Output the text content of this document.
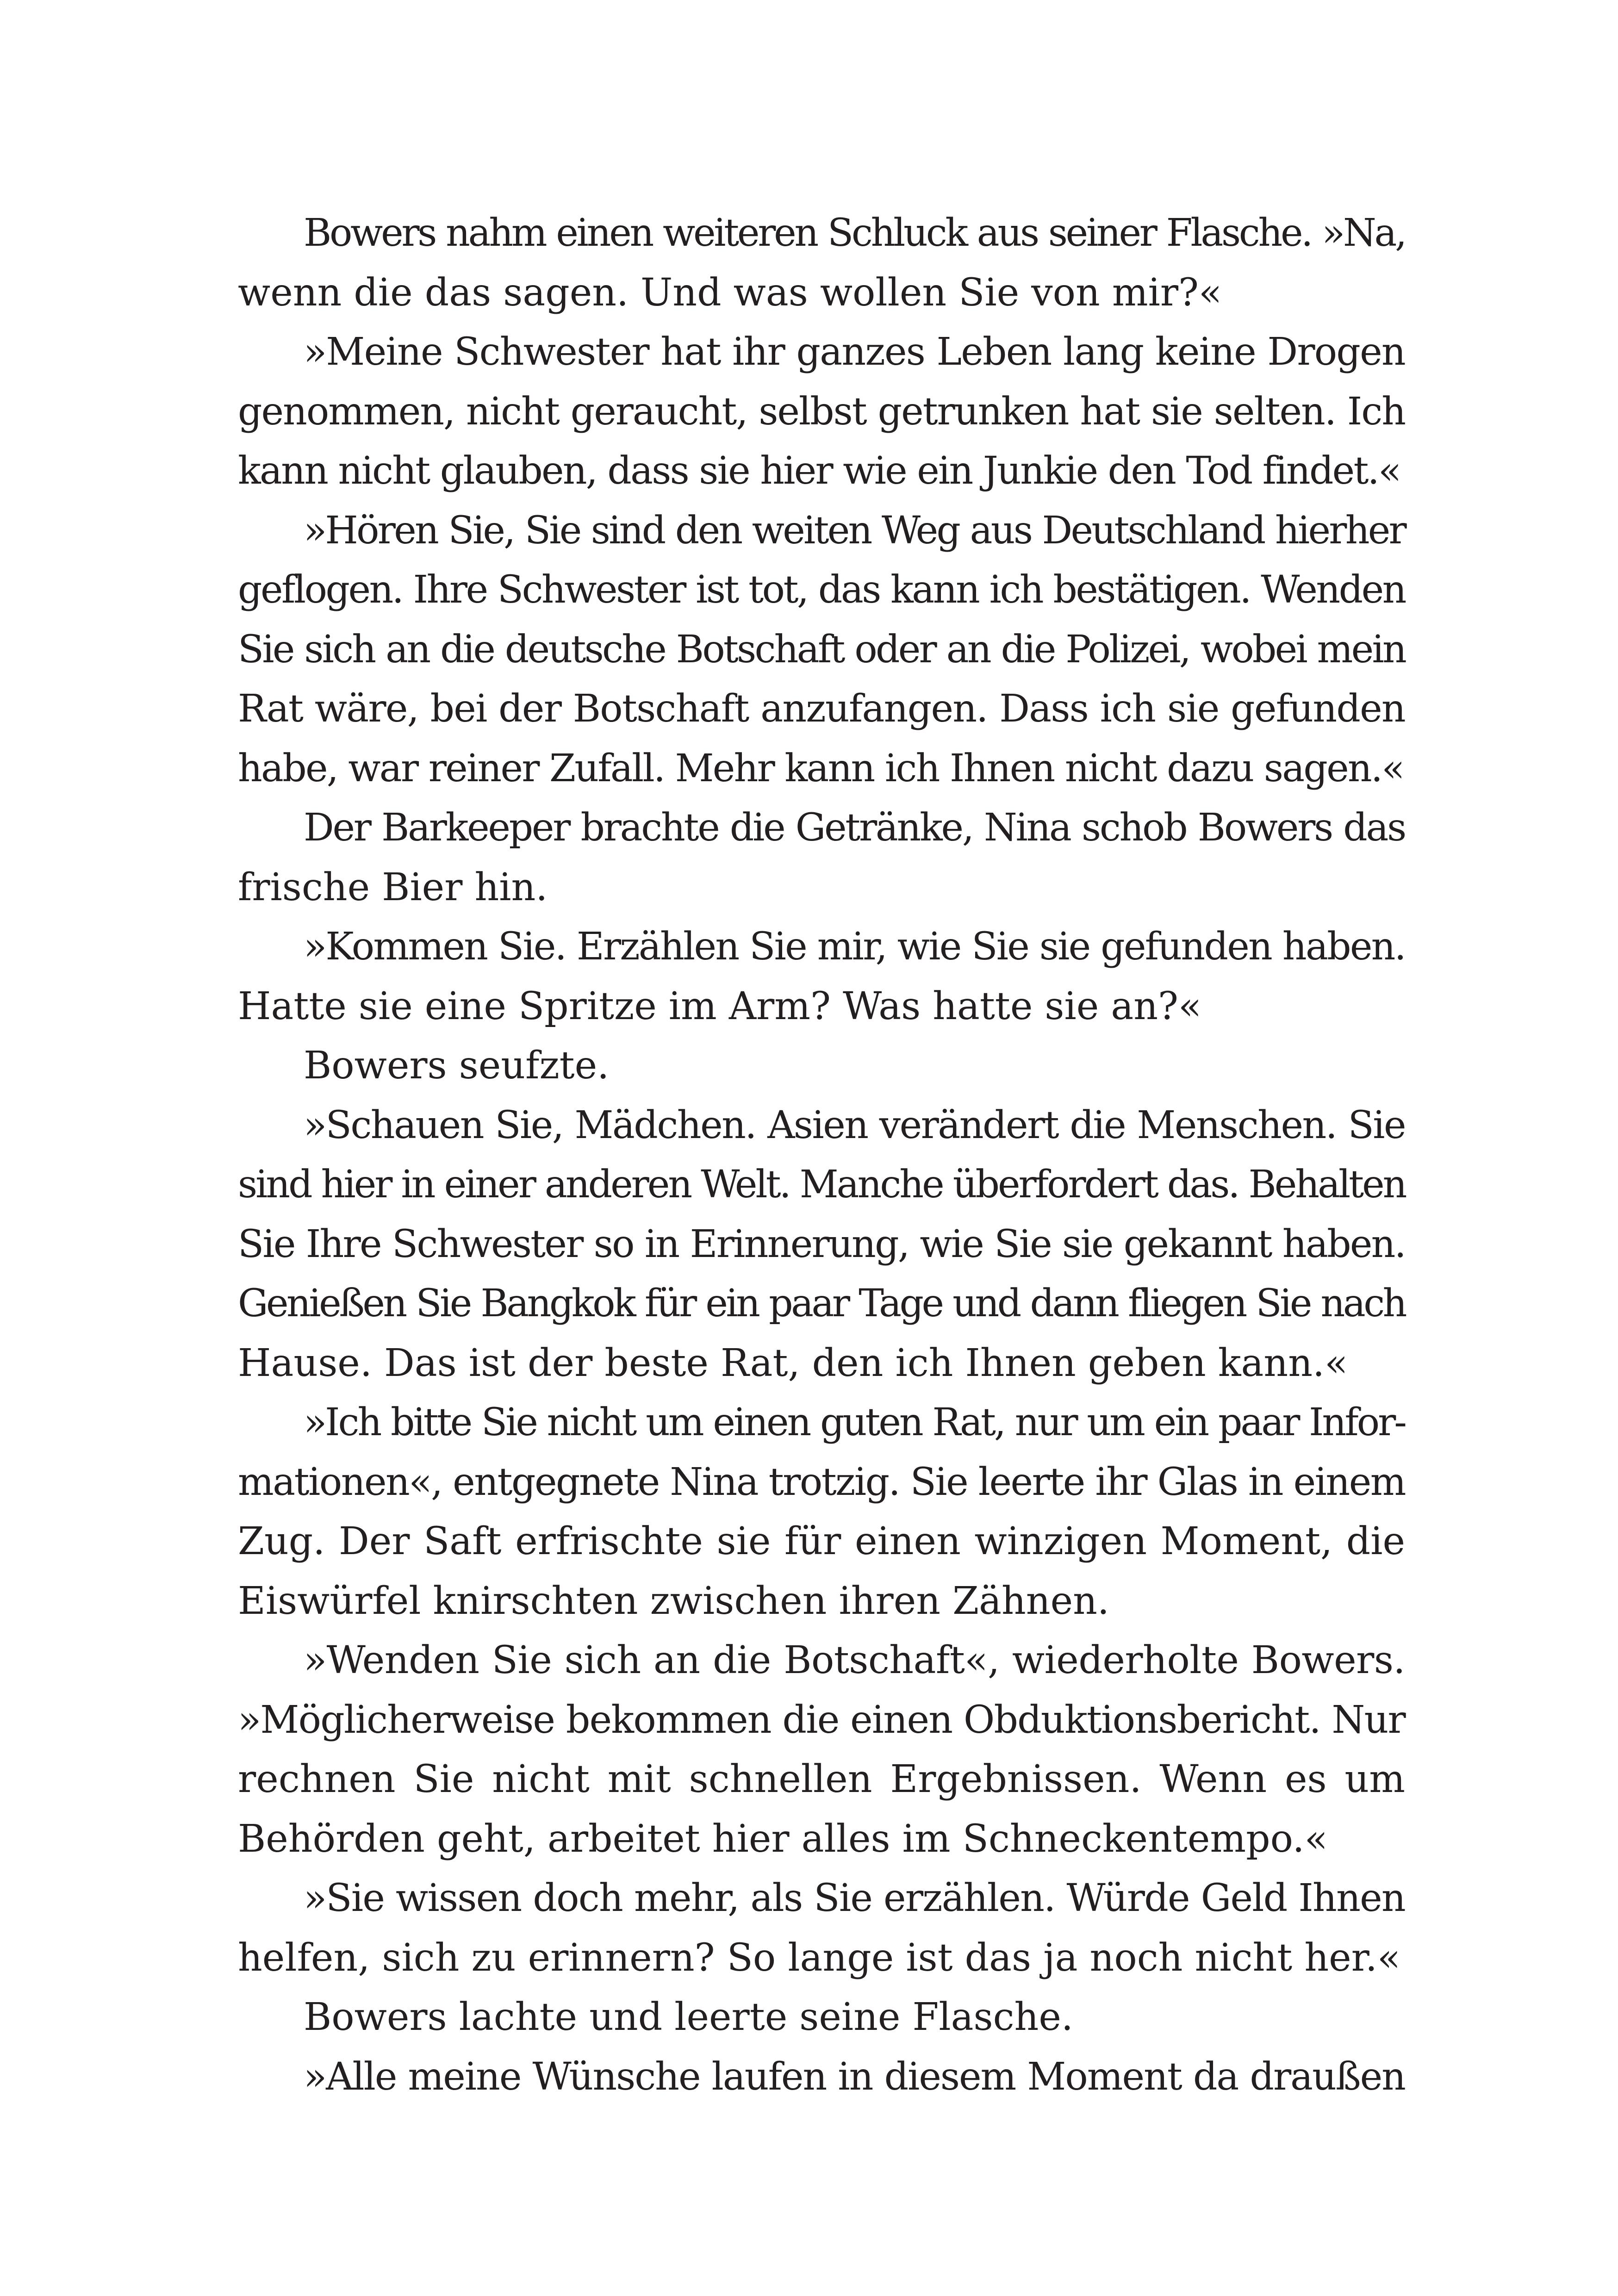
Bowers nahm einen weiteren Schluck aus seiner Flasche. »Na,
wenn die das sagen. Und was wollen Sie von mir?«
»Meine Schwester hat ihr ganzes Leben lang keine Drogen
genommen, nicht geraucht, selbst getrunken hat sie selten. Ich
kann nicht glauben, dass sie hier wie ein Junkie den Tod findet.«
»Hören Sie, Sie sind den weiten Weg aus Deutschland hierher
geflogen. Ihre Schwester ist tot, das kann ich bestätigen. Wenden
Sie sich an die deutsche Botschaft oder an die Polizei, wobei mein
Rat wäre, bei der Botschaft anzufangen. Dass ich sie gefunden
habe, war reiner Zufall. Mehr kann ich Ihnen nicht dazu sagen.«
Der Barkeeper brachte die Getränke, Nina schob Bowers das
frische Bier hin.
»Kommen Sie. Erzählen Sie mir, wie Sie sie gefunden haben.
Hatte sie eine Spritze im Arm? Was hatte sie an?«
Bowers seufzte.
»Schauen Sie, Mädchen. Asien verändert die Menschen. Sie
sind hier in einer anderen Welt. Manche überfordert das. Behalten
Sie Ihre Schwester so in Erinnerung, wie Sie sie gekannt haben.
Genießen Sie Bangkok für ein paar Tage und dann fliegen Sie nach
Hause. Das ist der beste Rat, den ich Ihnen geben kann.«
»Ich bitte Sie nicht um einen guten Rat, nur um ein paar Infor-
mationen«, entgegnete Nina trotzig. Sie leerte ihr Glas in einem
Zug. Der Saft erfrischte sie für einen winzigen Moment, die
Eiswürfel knirschten zwischen ihren Zähnen.
»Wenden Sie sich an die Botschaft«, wiederholte Bowers.
»Möglicherweise bekommen die einen Obduktionsbericht. Nur
rechnen Sie nicht mit schnellen Ergebnissen. Wenn es um
Behörden geht, arbeitet hier alles im Schneckentempo.«
»Sie wissen doch mehr, als Sie erzählen. Würde Geld Ihnen
helfen, sich zu erinnern? So lange ist das ja noch nicht her.«
Bowers lachte und leerte seine Flasche.
»Alle meine Wünsche laufen in diesem Moment da draußen
